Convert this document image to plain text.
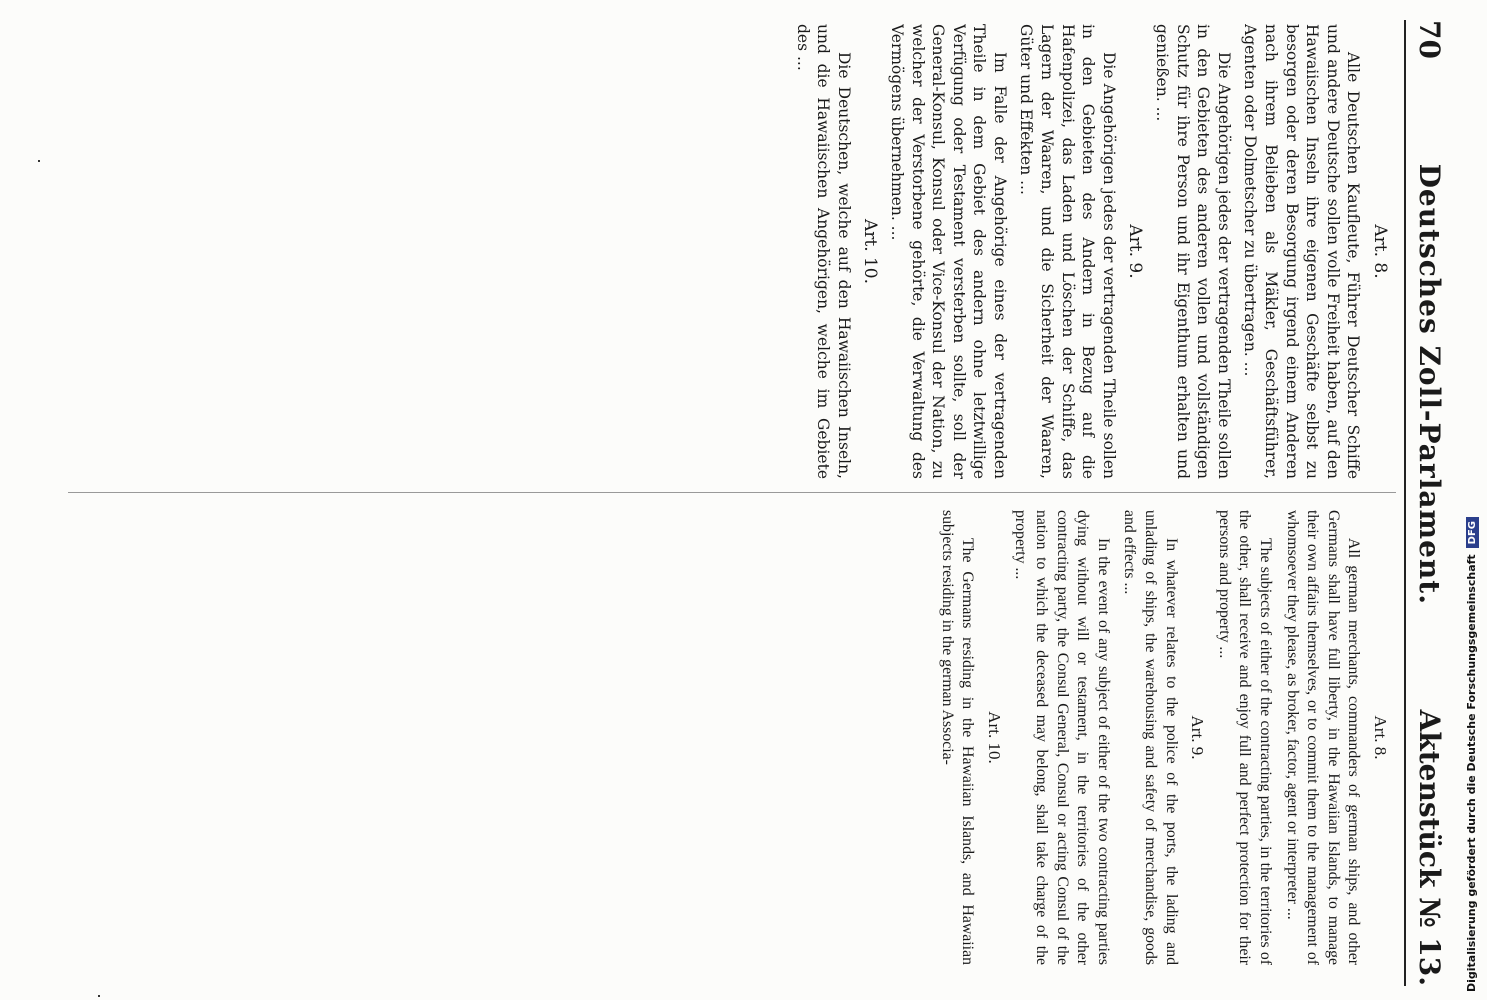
70
Deutsches Zoll-Parlament.
Aktenstück № 13.
Art. 8.

Alle Deutschen Kaufleute, Führer Deutscher Schiffe und andere Deutsche sollen volle Freiheit haben, auf den Hawaiischen Inseln ihre eigenen Geschäfte selbst zu besorgen oder deren Besorgung irgend einem Anderen nach ihrem Belieben als Mäkler, Geschäftsführer, Agenten oder Dolmetscher zu übertragen. ...

Die Angehörigen jedes der vertragenden Theile sollen in den Gebieten des anderen vollen und vollständigen Schutz für ihre Person und ihr Eigenthum erhalten und genießen. ...

Art. 9.

Die Angehörigen jedes der vertragenden Theile sollen in den Gebieten des Andern in Bezug auf die Hafenpolizei, das Laden und Löschen der Schiffe, das Lagern der Waaren, und die Sicherheit der Waaren, Güter und Effekten ...

Im Falle der Angehörige eines der vertragenden Theile in dem Gebiet des andern ohne letztwillige Verfügung oder Testament versterben sollte, soll der General-Konsul, Konsul oder Vice-Konsul der Nation, zu welcher der Verstorbene gehörte, die Verwaltung des Vermögens übernehmen. ...

Art. 10.

Die Deutschen, welche auf den Hawaiischen Inseln, und die Hawaiischen Angehörigen, welche im Gebiete des ...

Art. 8.

All german merchants, commanders of german ships, and other Germans shall have full liberty, in the Hawaiian Islands, to manage their own affairs themselves, or to commit them to the management of whomsoever they please, as broker, factor, agent or interpreter ...

The subjects of either of the contracting parties, in the territories of the other, shall receive and enjoy full and perfect protection for their persons and property ...

Art. 9.

In whatever relates to the police of the ports, the lading and unlading of ships, the warehousing and safety of merchandise, goods and effects ...

In the event of any subject of either of the two contracting parties dying without will or testament, in the territories of the other contracting party, the Consul General, Consul or acting Consul of the nation to which the deceased may belong, shall take charge of the property ...

Art. 10.

The Germans residing in the Hawaiian Islands, and Hawaiian subjects residing in the german Associa-	Digitalisierung gefördert durch die Deutsche ForschungsgemeinschaftDFG
